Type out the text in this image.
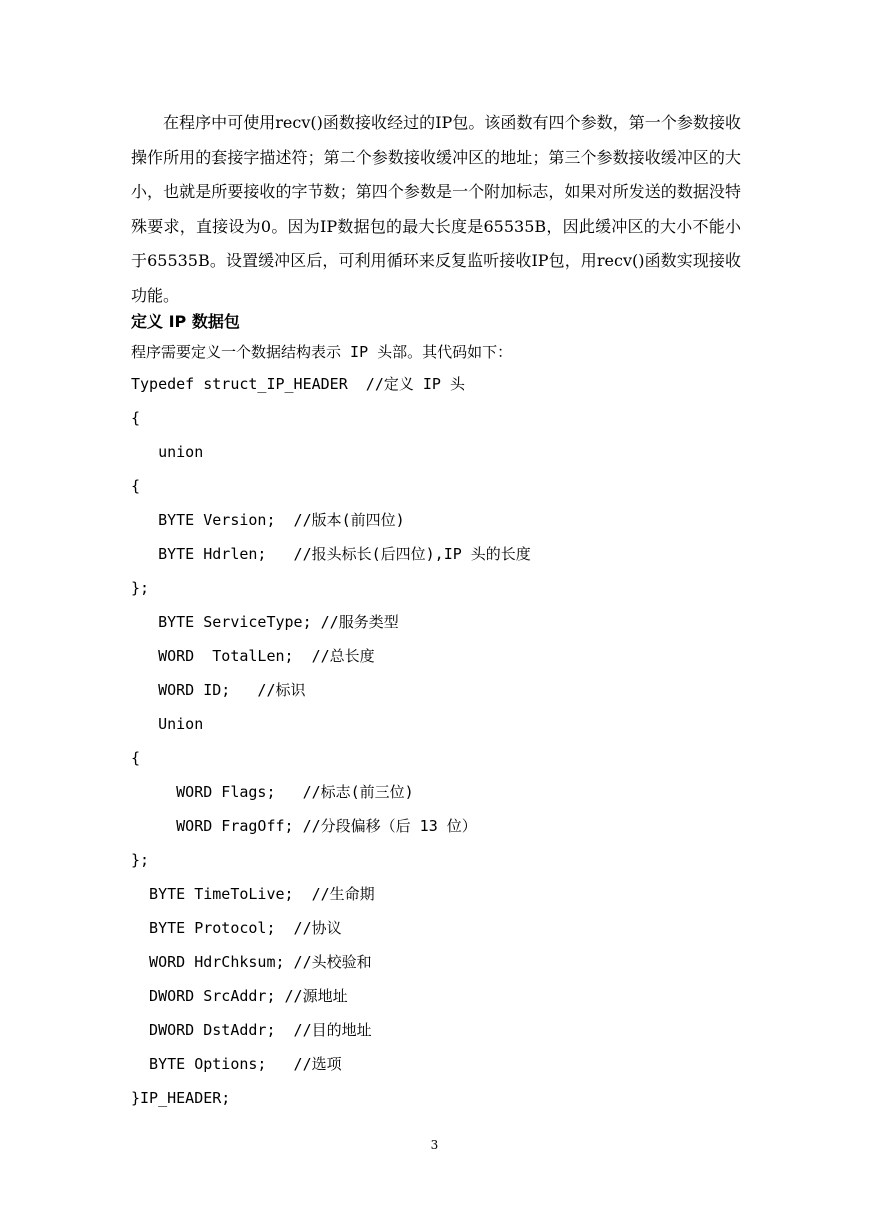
在程序中可使用recv()函数接收经过的IP包。该函数有四个参数，第一个参数接收操作所用的套接字描述符；第二个参数接收缓冲区的地址；第三个参数接收缓冲区的大小，也就是所要接收的字节数；第四个参数是一个附加标志，如果对所发送的数据没特殊要求，直接设为0。因为IP数据包的最大长度是65535B，因此缓冲区的大小不能小于65535B。设置缓冲区后，可利用循环来反复监听接收IP包，用recv()函数实现接收功能。

定义 IP 数据包
程序需要定义一个数据结构表示 IP 头部。其代码如下：
Typedef struct_IP_HEADER  //定义 IP 头
{
union
{
BYTE Version;  //版本(前四位)
BYTE Hdrlen;   //报头标长(后四位),IP 头的长度
};
BYTE ServiceType; //服务类型
WORD  TotalLen;  //总长度
WORD ID;   //标识
Union
{
WORD Flags;   //标志(前三位)
WORD FragOff; //分段偏移（后 13 位）
};
BYTE TimeToLive;  //生命期
BYTE Protocol;  //协议
WORD HdrChksum; //头校验和
DWORD SrcAddr; //源地址
DWORD DstAddr;  //目的地址
BYTE Options;   //选项
}IP_HEADER;
3
